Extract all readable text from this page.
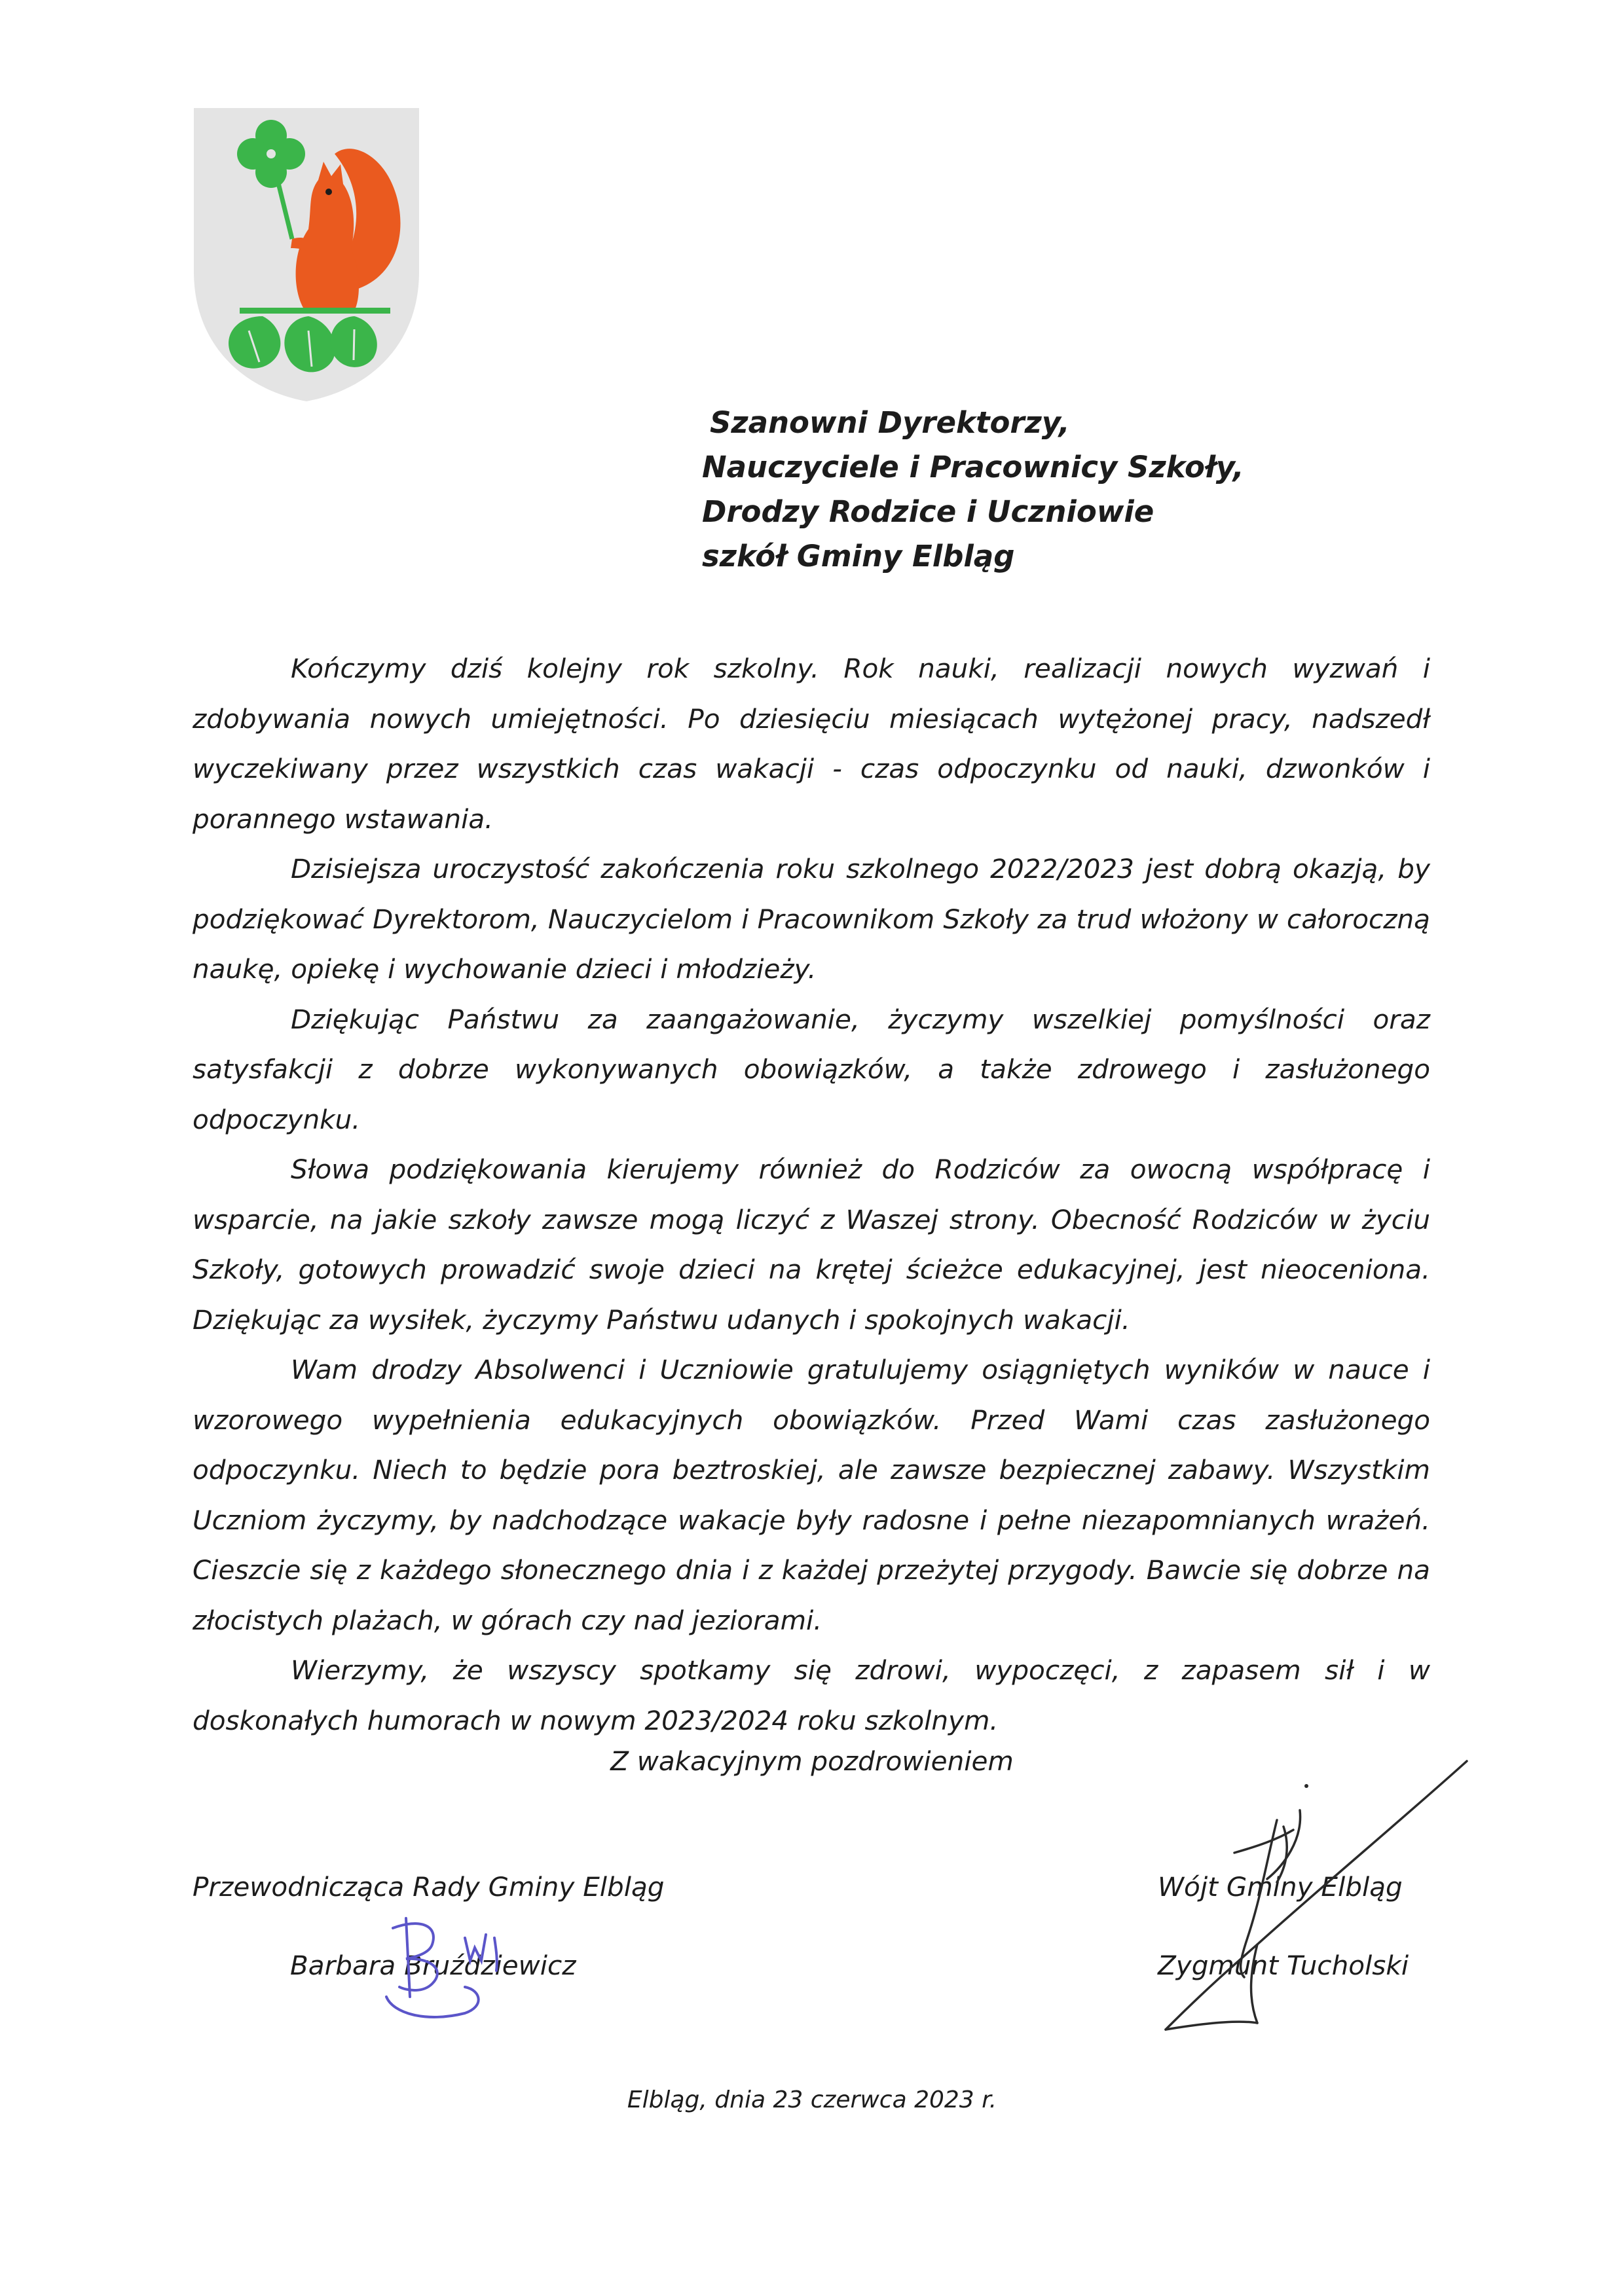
Szanowni Dyrektorzy,
Nauczyciele i Pracownicy Szkoły,
Drodzy Rodzice i Uczniowie
szkół Gminy Elbląg

Kończymy dziś kolejny rok szkolny. Rok nauki, realizacji nowych wyzwań i zdobywania nowych umiejętności. Po dziesięciu miesiącach wytężonej pracy, nadszedł wyczekiwany przez wszystkich czas wakacji - czas odpoczynku od nauki, dzwonków i porannego wstawania.

Dzisiejsza uroczystość zakończenia roku szkolnego 2022/2023 jest dobrą okazją, by podziękować Dyrektorom, Nauczycielom i Pracownikom Szkoły za trud włożony w całoroczną naukę, opiekę i wychowanie dzieci i młodzieży.

Dziękując Państwu za zaangażowanie, życzymy wszelkiej pomyślności oraz satysfakcji z dobrze wykonywanych obowiązków, a także zdrowego i zasłużonego odpoczynku.

Słowa podziękowania kierujemy również do Rodziców za owocną współpracę i wsparcie, na jakie szkoły zawsze mogą liczyć z Waszej strony. Obecność Rodziców w życiu Szkoły, gotowych prowadzić swoje dzieci na krętej ścieżce edukacyjnej, jest nieoceniona. Dziękując za wysiłek, życzymy Państwu udanych i spokojnych wakacji.

Wam drodzy Absolwenci i Uczniowie gratulujemy osiągniętych wyników w nauce i wzorowego wypełnienia edukacyjnych obowiązków. Przed Wami czas zasłużonego odpoczynku. Niech to będzie pora beztroskiej, ale zawsze bezpiecznej zabawy. Wszystkim Uczniom życzymy, by nadchodzące wakacje były radosne i pełne niezapomnianych wrażeń. Cieszcie się z każdego słonecznego dnia i z każdej przeżytej przygody. Bawcie się dobrze na złocistych plażach, w górach czy nad jeziorami.

Wierzymy, że wszyscy spotkamy się zdrowi, wypoczęci, z zapasem sił i w doskonałych humorach w nowym 2023/2024 roku szkolnym.

Z wakacyjnym pozdrowieniem
Przewodnicząca Rady Gminy Elbląg
Barbara Bruździewicz
Wójt Gminy Elbląg
Zygmunt Tucholski
Elbląg, dnia 23 czerwca 2023 r.
